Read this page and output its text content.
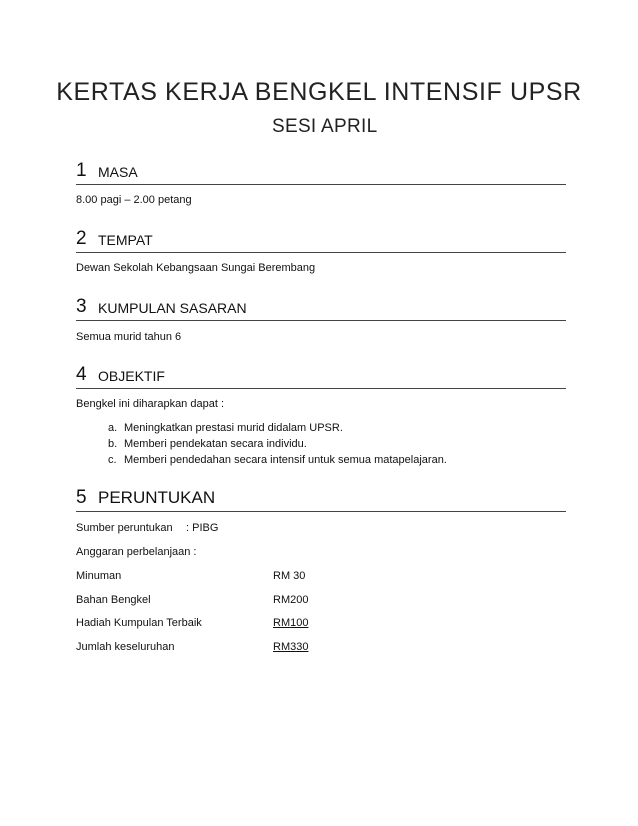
KERTAS KERJA BENGKEL INTENSIF UPSR
SESI APRIL
1 MASA
8.00 pagi – 2.00 petang
2 TEMPAT
Dewan Sekolah Kebangsaan Sungai Berembang
3 KUMPULAN SASARAN
Semua murid tahun 6
4 OBJEKTIF
Bengkel ini diharapkan dapat :
a. Meningkatkan prestasi murid didalam UPSR.
b. Memberi pendekatan secara individu.
c. Memberi pendedahan secara intensif untuk semua matapelajaran.
5 PERUNTUKAN
Sumber peruntukan : PIBG
Anggaran perbelanjaan :
Minuman	RM 30
Bahan Bengkel	RM200
Hadiah Kumpulan Terbaik	RM100
Jumlah keseluruhan	RM330
